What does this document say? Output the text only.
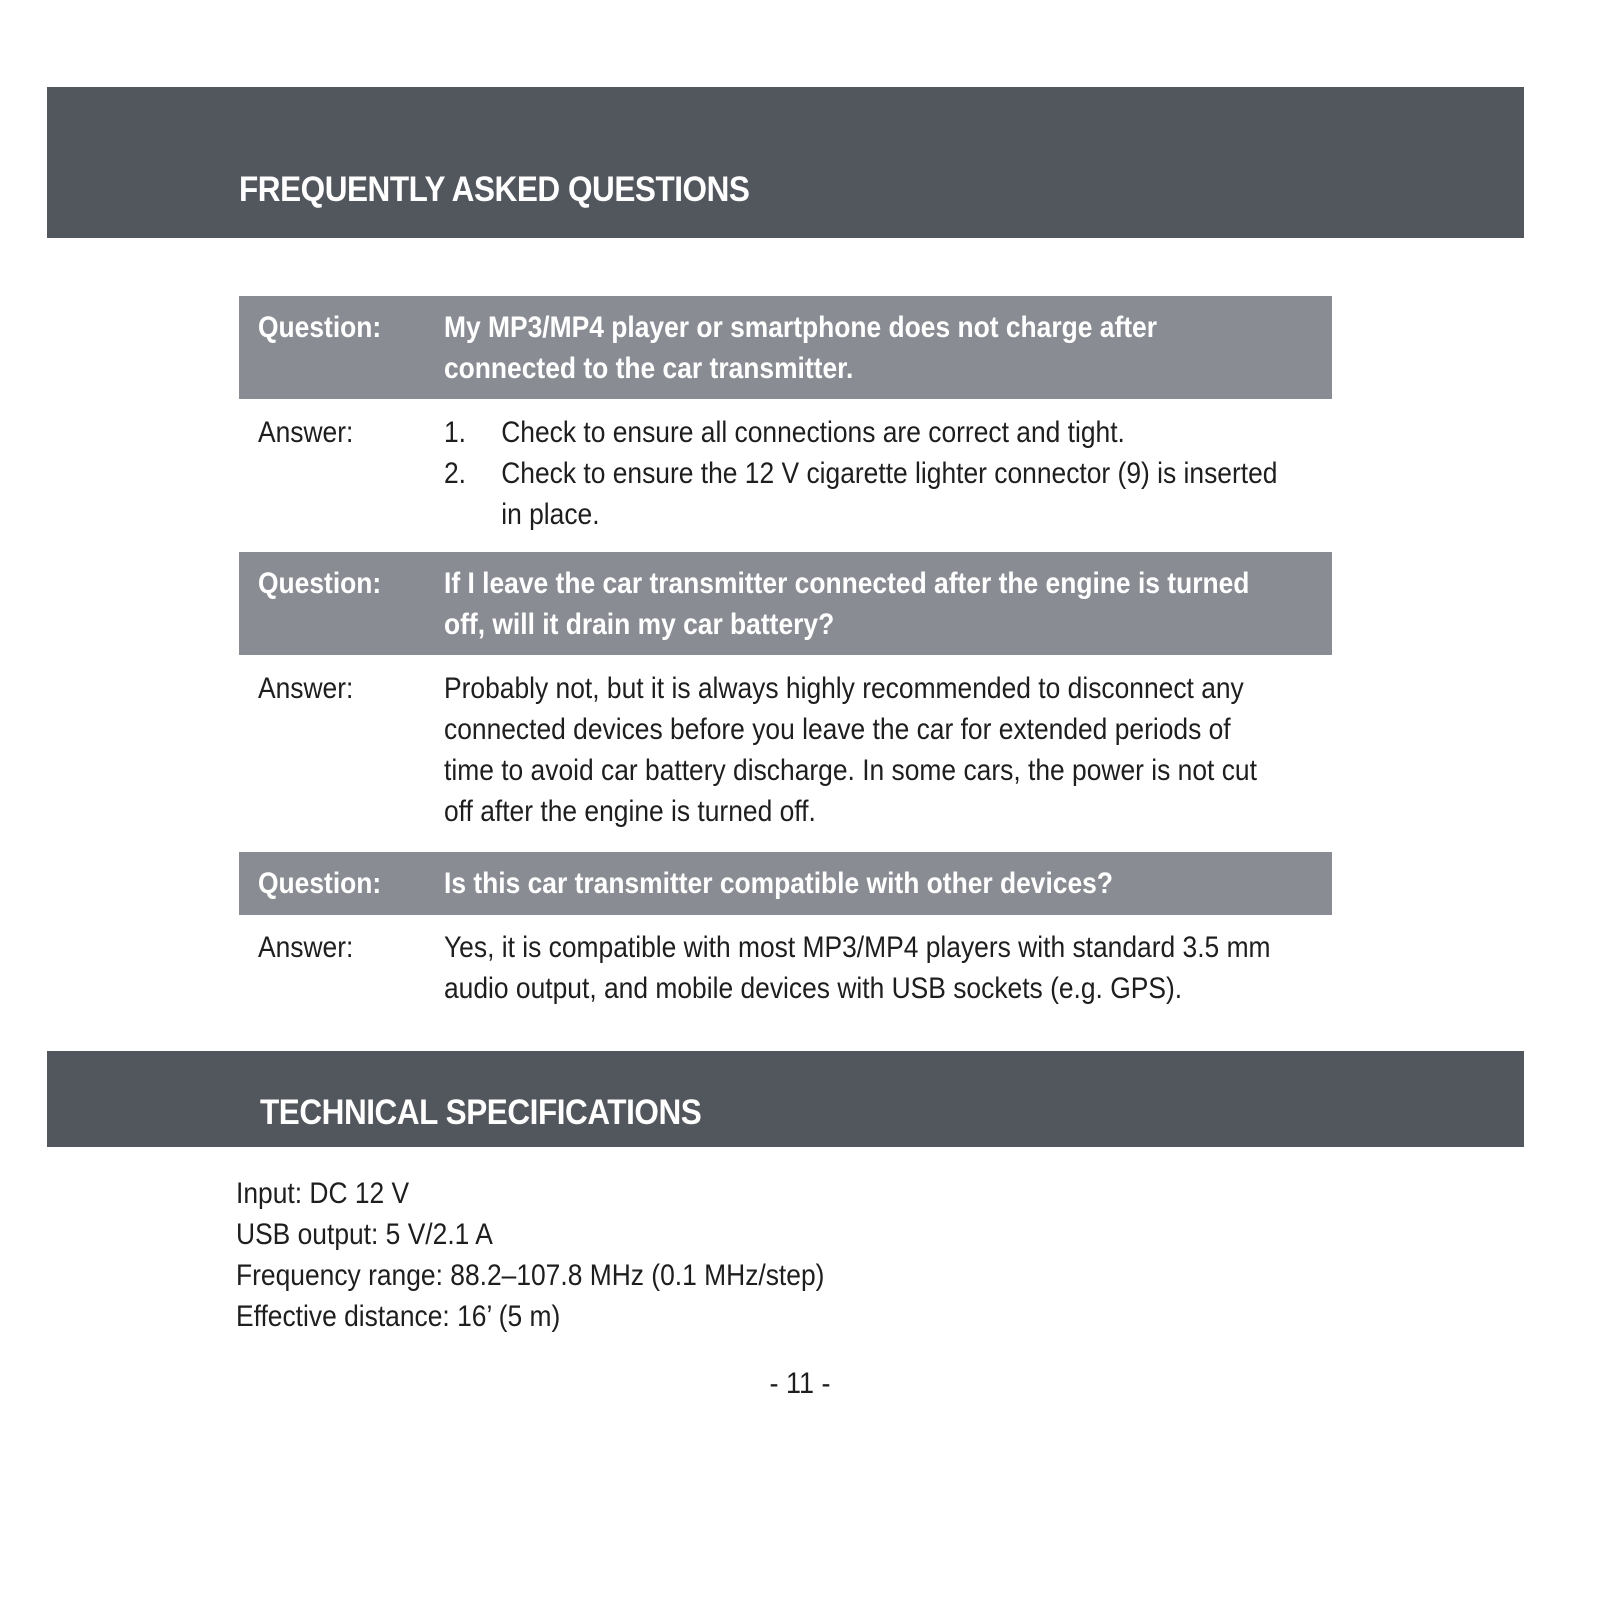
FREQUENTLY ASKED QUESTIONS
Question: My MP3/MP4 player or smartphone does not charge after
connected to the car transmitter.
Answer:	1. Check to ensure all connections are correct and tight.
2. Check to ensure the 12 V cigarette lighter connector (9) is inserted
in place.
Question: If I leave the car transmitter connected after the engine is turned
off, will it drain my car battery?
Answer:	Probably not, but it is always highly recommended to disconnect any
connected devices before you leave the car for extended periods of
time to avoid car battery discharge. In some cars, the power is not cut
off after the engine is turned off.
Question: Is this car transmitter compatible with other devices?
Answer:	Yes, it is compatible with most MP3/MP4 players with standard 3.5 mm
audio output, and mobile devices with USB sockets (e.g. GPS).
TECHNICAL SPECIFICATIONS
Input: DC 12 V
USB output: 5 V/2.1 A
Frequency range: 88.2–107.8 MHz (0.1 MHz/step)
Effective distance: 16’ (5 m)
- 11 -
